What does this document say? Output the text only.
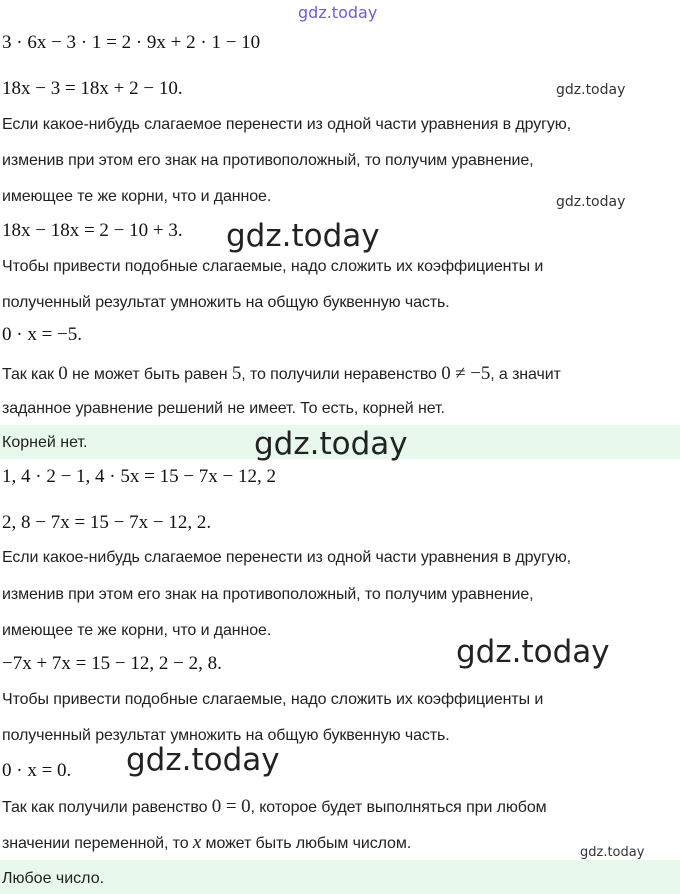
gdz.today
gdz.today
gdz.today
gdz.today
3 · 6x − 3 · 1 = 2 · 9x + 2 · 1 − 10
18x − 3 = 18x + 2 − 10.
Если какое-нибудь слагаемое перенести из одной части уравнения в другую,
изменив при этом его знак на противоположный, то получим уравнение,
имеющее те же корни, что и данное.
18x − 18x = 2 − 10 + 3.
Чтобы привести подобные слагаемые, надо сложить их коэффициенты и
полученный результат умножить на общую буквенную часть.
0 · x = −5.
Так как 0 не может быть равен 5, то получили неравенство 0 ≠ −5, а значит
заданное уравнение решений не имеет. То есть, корней нет.
Корней нет.	gdz.today
1, 4 · 2 − 1, 4 · 5x = 15 − 7x − 12, 2
2, 8 − 7x = 15 − 7x − 12, 2.
Если какое-нибудь слагаемое перенести из одной части уравнения в другую,
изменив при этом его знак на противоположный, то получим уравнение,
имеющее те же корни, что и данное.
−7x + 7x = 15 − 12, 2 − 2, 8.
Чтобы привести подобные слагаемые, надо сложить их коэффициенты и
полученный результат умножить на общую буквенную часть.
0 · x = 0.
Так как получили равенство 0 = 0, которое будет выполняться при любом
значении переменной, то x может быть любым числом.
Любое число.
gdz.today
gdz.today
gdz.today
